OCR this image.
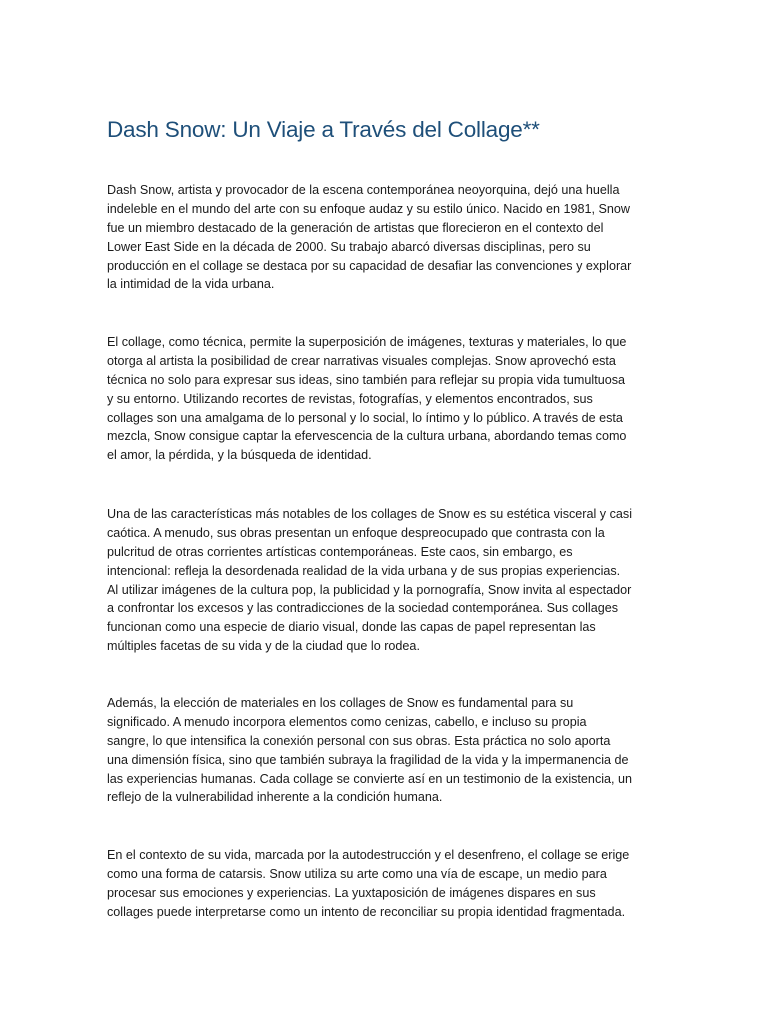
Dash Snow: Un Viaje a Través del Collage**
Dash Snow, artista y provocador de la escena contemporánea neoyorquina, dejó una huella
indeleble en el mundo del arte con su enfoque audaz y su estilo único. Nacido en 1981, Snow
fue un miembro destacado de la generación de artistas que florecieron en el contexto del
Lower East Side en la década de 2000. Su trabajo abarcó diversas disciplinas, pero su
producción en el collage se destaca por su capacidad de desafiar las convenciones y explorar
la intimidad de la vida urbana.
El collage, como técnica, permite la superposición de imágenes, texturas y materiales, lo que
otorga al artista la posibilidad de crear narrativas visuales complejas. Snow aprovechó esta
técnica no solo para expresar sus ideas, sino también para reflejar su propia vida tumultuosa
y su entorno. Utilizando recortes de revistas, fotografías, y elementos encontrados, sus
collages son una amalgama de lo personal y lo social, lo íntimo y lo público. A través de esta
mezcla, Snow consigue captar la efervescencia de la cultura urbana, abordando temas como
el amor, la pérdida, y la búsqueda de identidad.
Una de las características más notables de los collages de Snow es su estética visceral y casi
caótica. A menudo, sus obras presentan un enfoque despreocupado que contrasta con la
pulcritud de otras corrientes artísticas contemporáneas. Este caos, sin embargo, es
intencional: refleja la desordenada realidad de la vida urbana y de sus propias experiencias.
Al utilizar imágenes de la cultura pop, la publicidad y la pornografía, Snow invita al espectador
a confrontar los excesos y las contradicciones de la sociedad contemporánea. Sus collages
funcionan como una especie de diario visual, donde las capas de papel representan las
múltiples facetas de su vida y de la ciudad que lo rodea.
Además, la elección de materiales en los collages de Snow es fundamental para su
significado. A menudo incorpora elementos como cenizas, cabello, e incluso su propia
sangre, lo que intensifica la conexión personal con sus obras. Esta práctica no solo aporta
una dimensión física, sino que también subraya la fragilidad de la vida y la impermanencia de
las experiencias humanas. Cada collage se convierte así en un testimonio de la existencia, un
reflejo de la vulnerabilidad inherente a la condición humana.
En el contexto de su vida, marcada por la autodestrucción y el desenfreno, el collage se erige
como una forma de catarsis. Snow utiliza su arte como una vía de escape, un medio para
procesar sus emociones y experiencias. La yuxtaposición de imágenes dispares en sus
collages puede interpretarse como un intento de reconciliar su propia identidad fragmentada.
